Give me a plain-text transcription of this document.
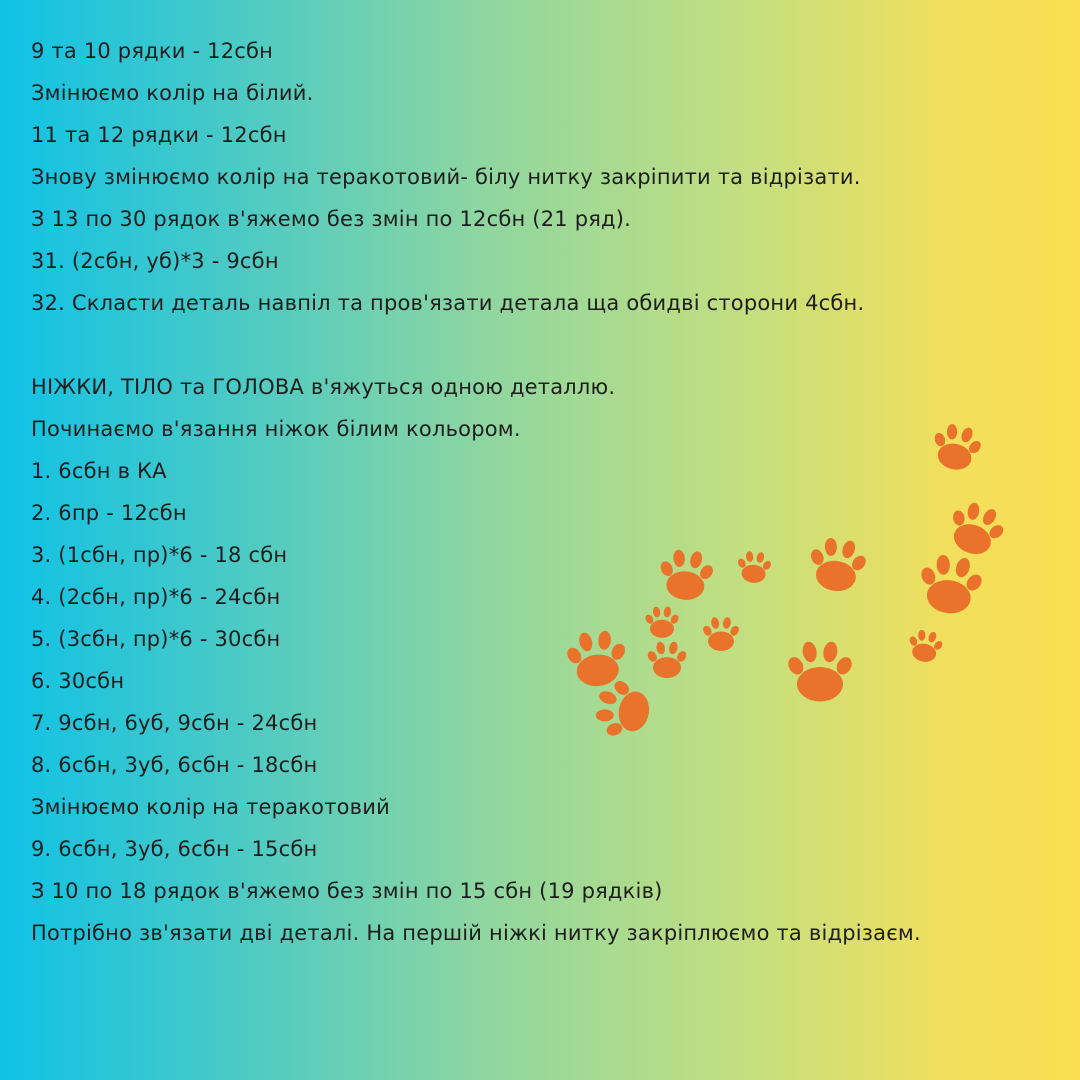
9 та 10 рядки - 12сбн
Змінюємо колір на білий.
11 та 12 рядки - 12сбн
Знову змінюємо колір на теракотовий- білу нитку закріпити та відрізати.
З 13 по 30 рядок в'яжемо без змін по 12сбн (21 ряд).
31. (2сбн, уб)*3 - 9сбн
32. Скласти деталь навпіл та пров'язати детала ща обидві сторони 4сбн.
НІЖКИ, ТІЛО та ГОЛОВА в'яжуться одною деталлю.
Починаємо в'язання ніжок білим кольором.
1. 6сбн в КА
2. 6пр - 12сбн
3. (1сбн, пр)*6 - 18 сбн
4. (2сбн, пр)*6 - 24сбн
5. (3сбн, пр)*6 - 30сбн
6. 30сбн
7. 9сбн, 6уб, 9сбн - 24сбн
8. 6сбн, 3уб, 6сбн - 18сбн
Змінюємо колір на теракотовий
9. 6сбн, 3уб, 6сбн - 15сбн
З 10 по 18 рядок в'яжемо без змін по 15 сбн (19 рядків)
Потрібно зв'язати дві деталі. На першій ніжкі нитку закріплюємо та відрізаєм.
